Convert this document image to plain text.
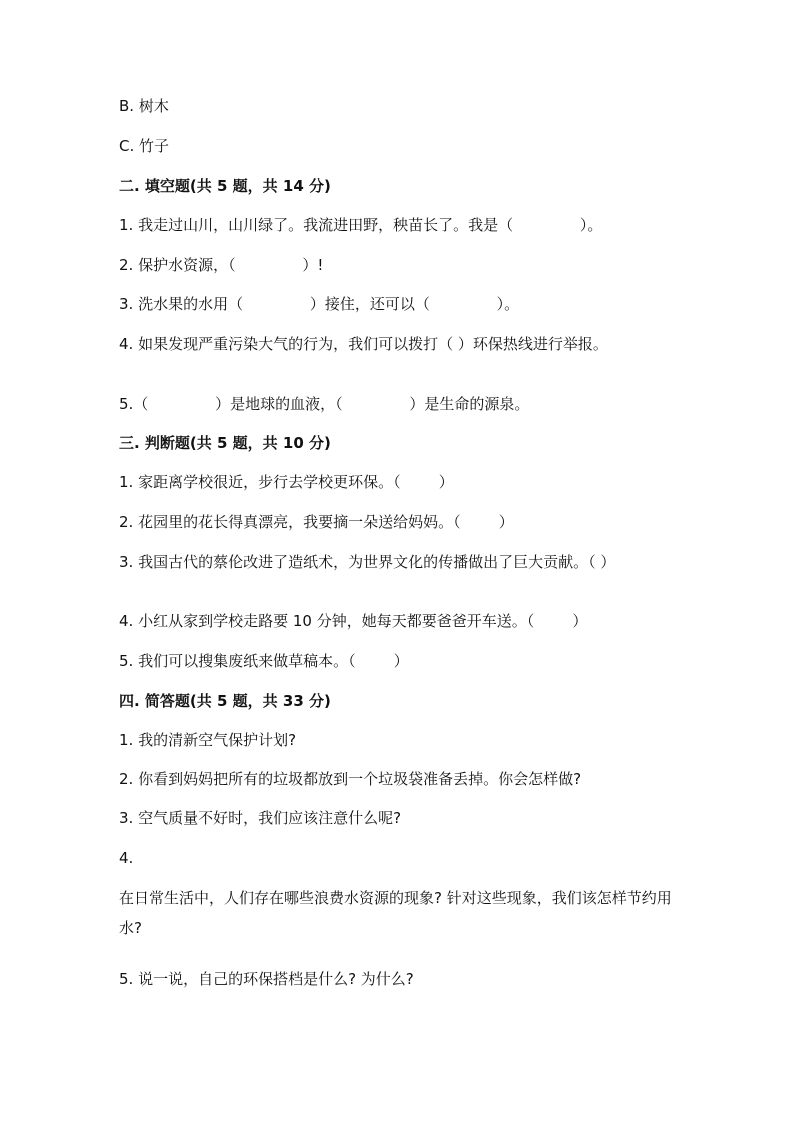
B. 树木
C. 竹子
二. 填空题(共 5 题，共 14 分)
1. 我走过山川，山川绿了。我流进田野，秧苗长了。我是（              ）。
2. 保护水资源，（              ）!
3. 洗水果的水用（              ）接住，还可以（              ）。
4. 如果发现严重污染大气的行为，我们可以拨打（ ）环保热线进行举报。
5.（              ）是地球的血液，（              ）是生命的源泉。
三. 判断题(共 5 题，共 10 分)
1. 家距离学校很近，步行去学校更环保。（        ）
2. 花园里的花长得真漂亮，我要摘一朵送给妈妈。（        ）
3. 我国古代的蔡伦改进了造纸术，为世界文化的传播做出了巨大贡献。（ ）
4. 小红从家到学校走路要 10 分钟，她每天都要爸爸开车送。（        ）
5. 我们可以搜集废纸来做草稿本。（        ）
四. 简答题(共 5 题，共 33 分)
1. 我的清新空气保护计划?
2. 你看到妈妈把所有的垃圾都放到一个垃圾袋准备丢掉。你会怎样做?
3. 空气质量不好时，我们应该注意什么呢?
4.
在日常生活中，人们存在哪些浪费水资源的现象? 针对这些现象，我们该怎样节约用水?
5. 说一说，自己的环保搭档是什么? 为什么?
